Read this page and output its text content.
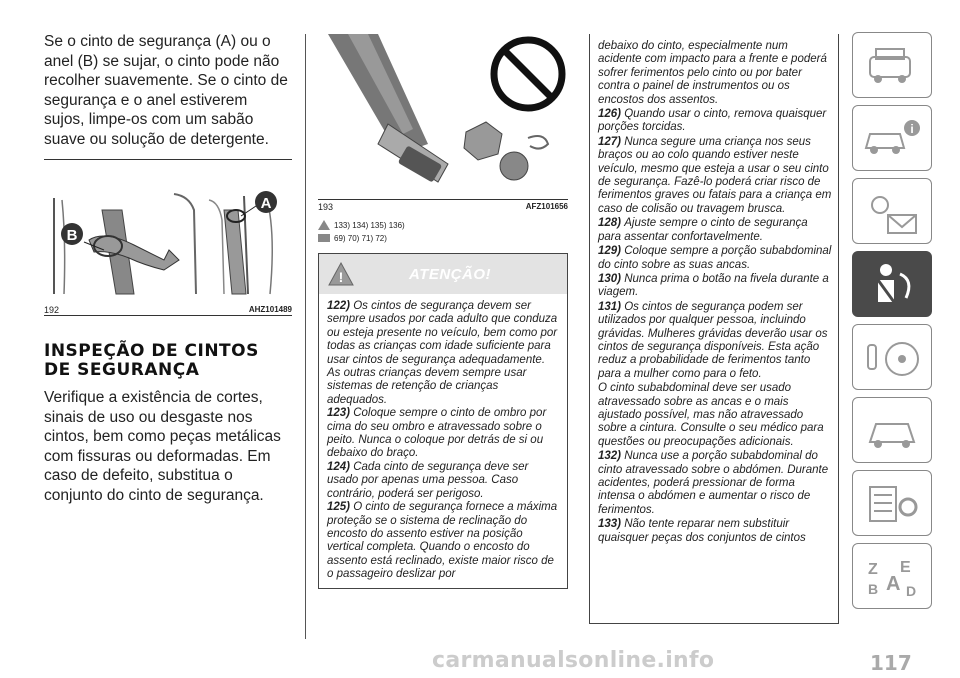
Se o cinto de segurança (A) ou o anel (B) se sujar, o cinto pode não recolher suavemente. Se o cinto de segurança e o anel estiverem sujos, limpe-os com um sabão suave ou solução de detergente.

B
A
192	AHZ101489
INSPEÇÃO DE CINTOS
DE SEGURANÇA

Verifique a existência de cortes, sinais de uso ou desgaste nos cintos, bem como peças metálicas com fissuras ou deformadas. Em caso de defeito, substitua o conjunto do cinto de segurança.

193	AFZ101656
133) 134) 135) 136)
69) 70) 71) 72)
!	ATENÇÃO!

122) Os cintos de segurança devem ser sempre usados por cada adulto que conduza ou esteja presente no veículo, bem como por todas as crianças com idade suficiente para usar cintos de segurança adequadamente. As outras crianças devem sempre usar sistemas de retenção de crianças adequados.

123) Coloque sempre o cinto de ombro por cima do seu ombro e atravessado sobre o peito. Nunca o coloque por detrás de si ou debaixo do braço.

124) Cada cinto de segurança deve ser usado por apenas uma pessoa. Caso contrário, poderá ser perigoso.

125) O cinto de segurança fornece a máxima proteção se o sistema de reclinação do encosto do assento estiver na posição vertical completa. Quando o encosto do assento está reclinado, existe maior risco de o passageiro deslizar por

debaixo do cinto, especialmente num acidente com impacto para a frente e poderá sofrer ferimentos pelo cinto ou por bater contra o painel de instrumentos ou os encostos dos assentos.

126) Quando usar o cinto, remova quaisquer porções torcidas.

127) Nunca segure uma criança nos seus braços ou ao colo quando estiver neste veículo, mesmo que esteja a usar o seu cinto de segurança. Fazê-lo poderá criar risco de ferimentos graves ou fatais para a criança em caso de colisão ou travagem brusca.

128) Ajuste sempre o cinto de segurança para assentar confortavelmente.

129) Coloque sempre a porção subabdominal do cinto sobre as suas ancas.

130) Nunca prima o botão na fivela durante a viagem.

131) Os cintos de segurança podem ser utilizados por qualquer pessoa, incluindo grávidas. Mulheres grávidas deverão usar os cintos de segurança disponíveis. Esta ação reduz a probabilidade de ferimentos tanto para a mulher como para o feto.

O cinto subabdominal deve ser usado atravessado sobre as ancas e o mais ajustado possível, mas não atravessado sobre a cintura. Consulte o seu médico para questões ou preocupações adicionais.

132) Nunca use a porção subabdominal do cinto atravessado sobre o abdómen. Durante acidentes, poderá pressionar de forma intensa o abdómen e aumentar o risco de ferimentos.

133) Não tente reparar nem substituir quaisquer peças dos conjuntos de cintos

i
Z E
B A D
carmanualsonline.info	117
